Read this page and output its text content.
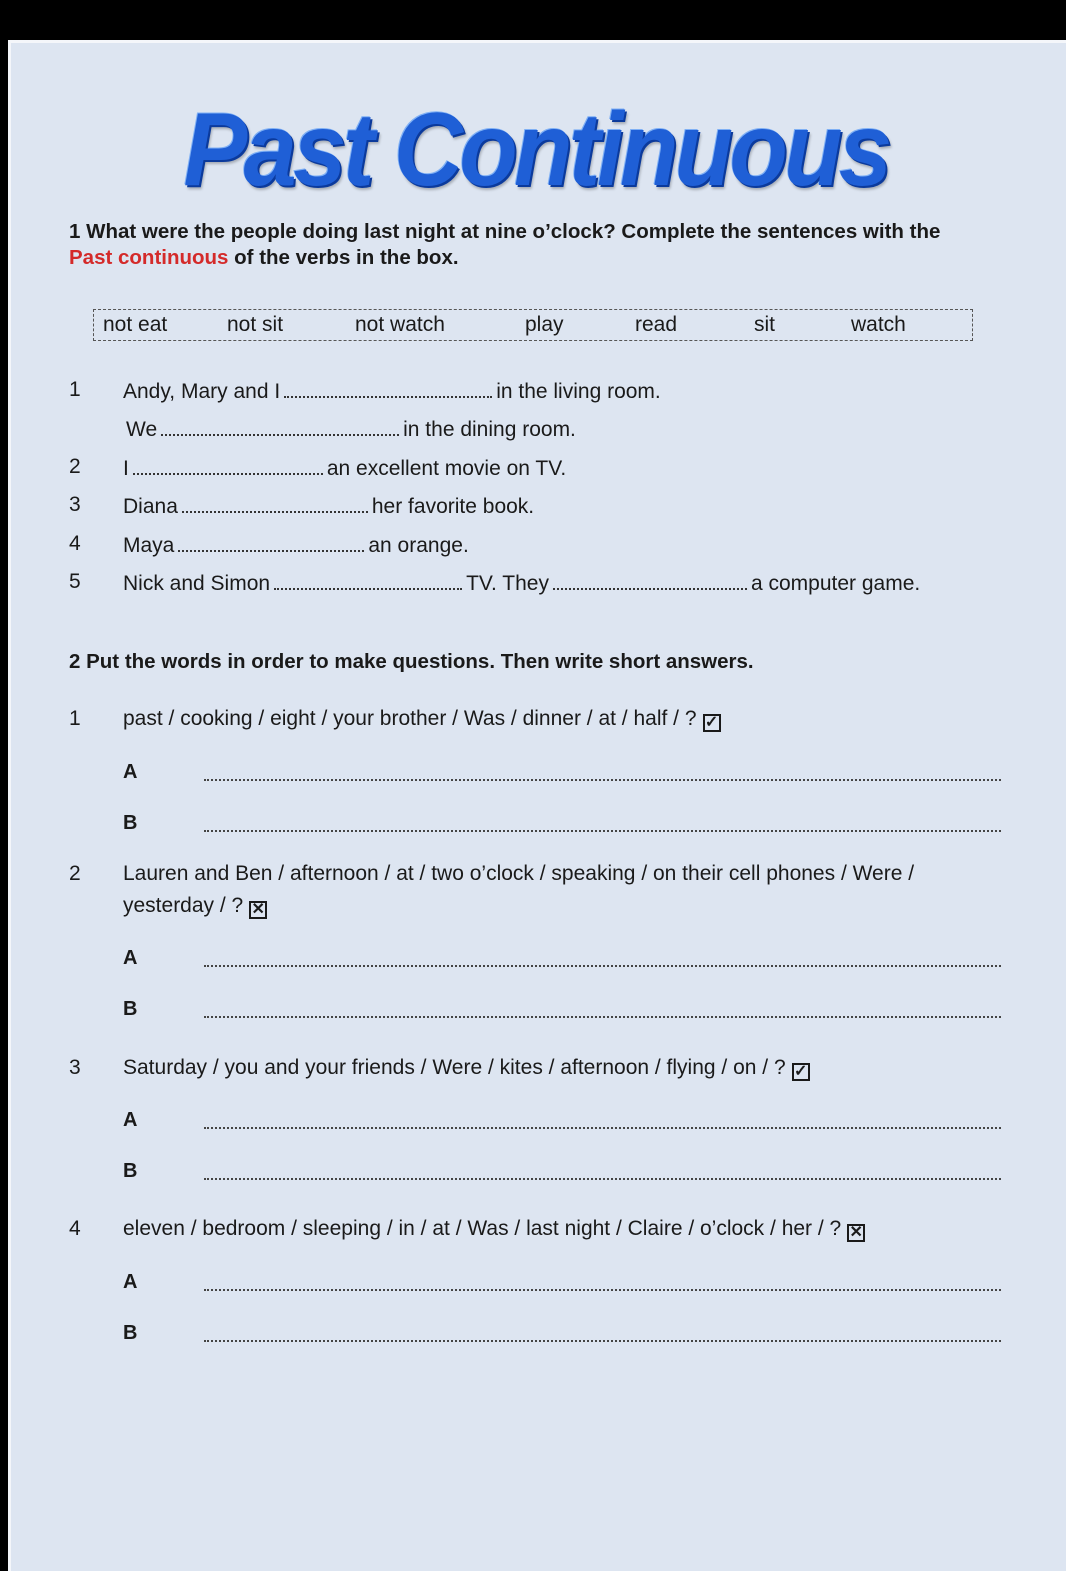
Past Continuous
1 What were the people doing last night at nine o’clock? Complete the sentences with the
Past continuous of the verbs in the box.
not eat	not sit	not watch	play	read	sit	watch
1 Andy, Mary and I	in the living room.
We	in the dining room.
2 I	an excellent movie on TV.
3 Diana	her favorite book.
4 Maya	an orange.
5 Nick and Simon	TV. They	a computer game.
2 Put the words in order to make questions. Then write short answers.
1 past / cooking / eight / your brother / Was / dinner / at / half / ? ✓
A
B
2 Lauren and Ben / afternoon / at / two o’clock / speaking / on their cell phones / Were /
yesterday / ? ✕
A
B
3 Saturday / you and your friends / Were / kites / afternoon / flying / on / ? ✓
A
B
4 eleven / bedroom / sleeping / in / at / Was / last night / Claire / o’clock / her / ? ✕
A
B
